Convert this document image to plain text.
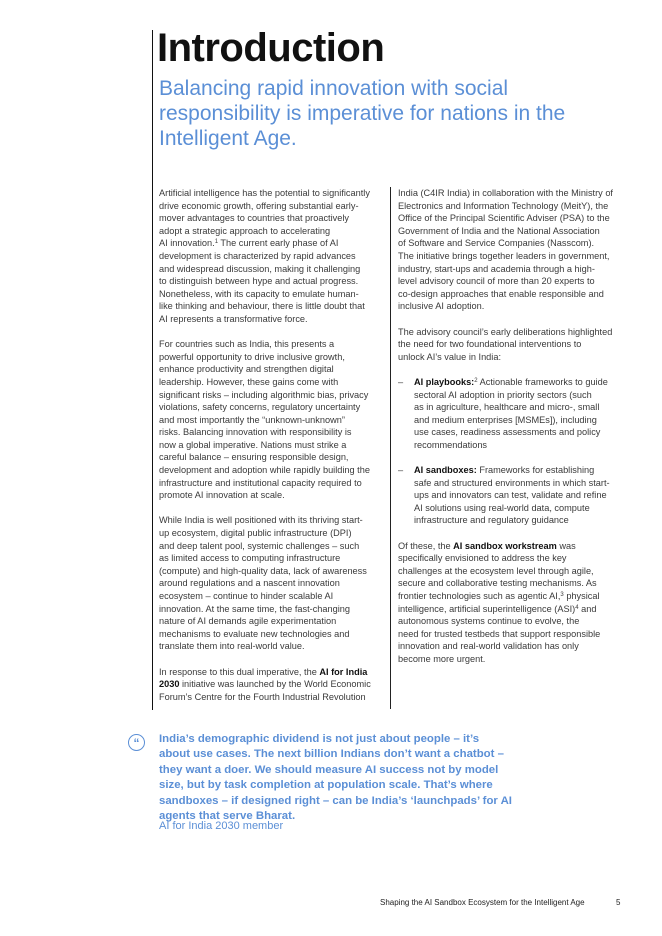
Introduction
Balancing rapid innovation with social responsibility is imperative for nations in the Intelligent Age.

Artificial intelligence has the potential to significantly
drive economic growth, offering substantial early-
mover advantages to countries that proactively
adopt a strategic approach to accelerating
AI innovation.$^1$ The current early phase of AI
development is characterized by rapid advances
and widespread discussion, making it challenging
to distinguish between hype and actual progress.
Nonetheless, with its capacity to emulate human-
like thinking and behaviour, there is little doubt that
AI represents a transformative force.

For countries such as India, this presents a
powerful opportunity to drive inclusive growth,
enhance productivity and strengthen digital
leadership. However, these gains come with
significant risks – including algorithmic bias, privacy
violations, safety concerns, regulatory uncertainty
and most importantly the “unknown-unknown”
risks. Balancing innovation with responsibility is
now a global imperative. Nations must strike a
careful balance – ensuring responsible design,
development and adoption while rapidly building the
infrastructure and institutional capacity required to
promote AI innovation at scale.

While India is well positioned with its thriving start-
up ecosystem, digital public infrastructure (DPI)
and deep talent pool, systemic challenges – such
as limited access to computing infrastructure
(compute) and high-quality data, lack of awareness
around regulations and a nascent innovation
ecosystem – continue to hinder scalable AI
innovation. At the same time, the fast-changing
nature of AI demands agile experimentation
mechanisms to evaluate new technologies and
translate them into real-world value.

In response to this dual imperative, the AI for India
2030 initiative was launched by the World Economic
Forum’s Centre for the Fourth Industrial Revolution

India (C4IR India) in collaboration with the Ministry of
Electronics and Information Technology (MeitY), the
Office of the Principal Scientific Adviser (PSA) to the
Government of India and the National Association
of Software and Service Companies (Nasscom).
The initiative brings together leaders in government,
industry, start-ups and academia through a high-
level advisory council of more than 20 experts to
co-design approaches that enable responsible and
inclusive AI adoption.

The advisory council’s early deliberations highlighted
the need for two foundational interventions to
unlock AI’s value in India:

– AI playbooks:$^2$ Actionable frameworks to guide
sectoral AI adoption in priority sectors (such
as in agriculture, healthcare and micro-, small
and medium enterprises [MSMEs]), including
use cases, readiness assessments and policy
recommendations
– AI sandboxes: Frameworks for establishing
safe and structured environments in which start-
ups and innovators can test, validate and refine
AI solutions using real-world data, compute
infrastructure and regulatory guidance

Of these, the AI sandbox workstream was
specifically envisioned to address the key
challenges at the ecosystem level through agile,
secure and collaborative testing mechanisms. As
frontier technologies such as agentic AI,$^3$ physical
intelligence, artificial superintelligence (ASI)$^4$ and
autonomous systems continue to evolve, the
need for trusted testbeds that support responsible
innovation and real-world validation has only
become more urgent.

“	India’s demographic dividend is not just about people – it’s
about use cases. The next billion Indians don’t want a chatbot –
they want a doer. We should measure AI success not by model
size, but by task completion at population scale. That’s where
sandboxes – if designed right – can be India’s ‘launchpads’ for AI
agents that serve Bharat.

AI for India 2030 member
Shaping the AI Sandbox Ecosystem for the Intelligent Age	5
